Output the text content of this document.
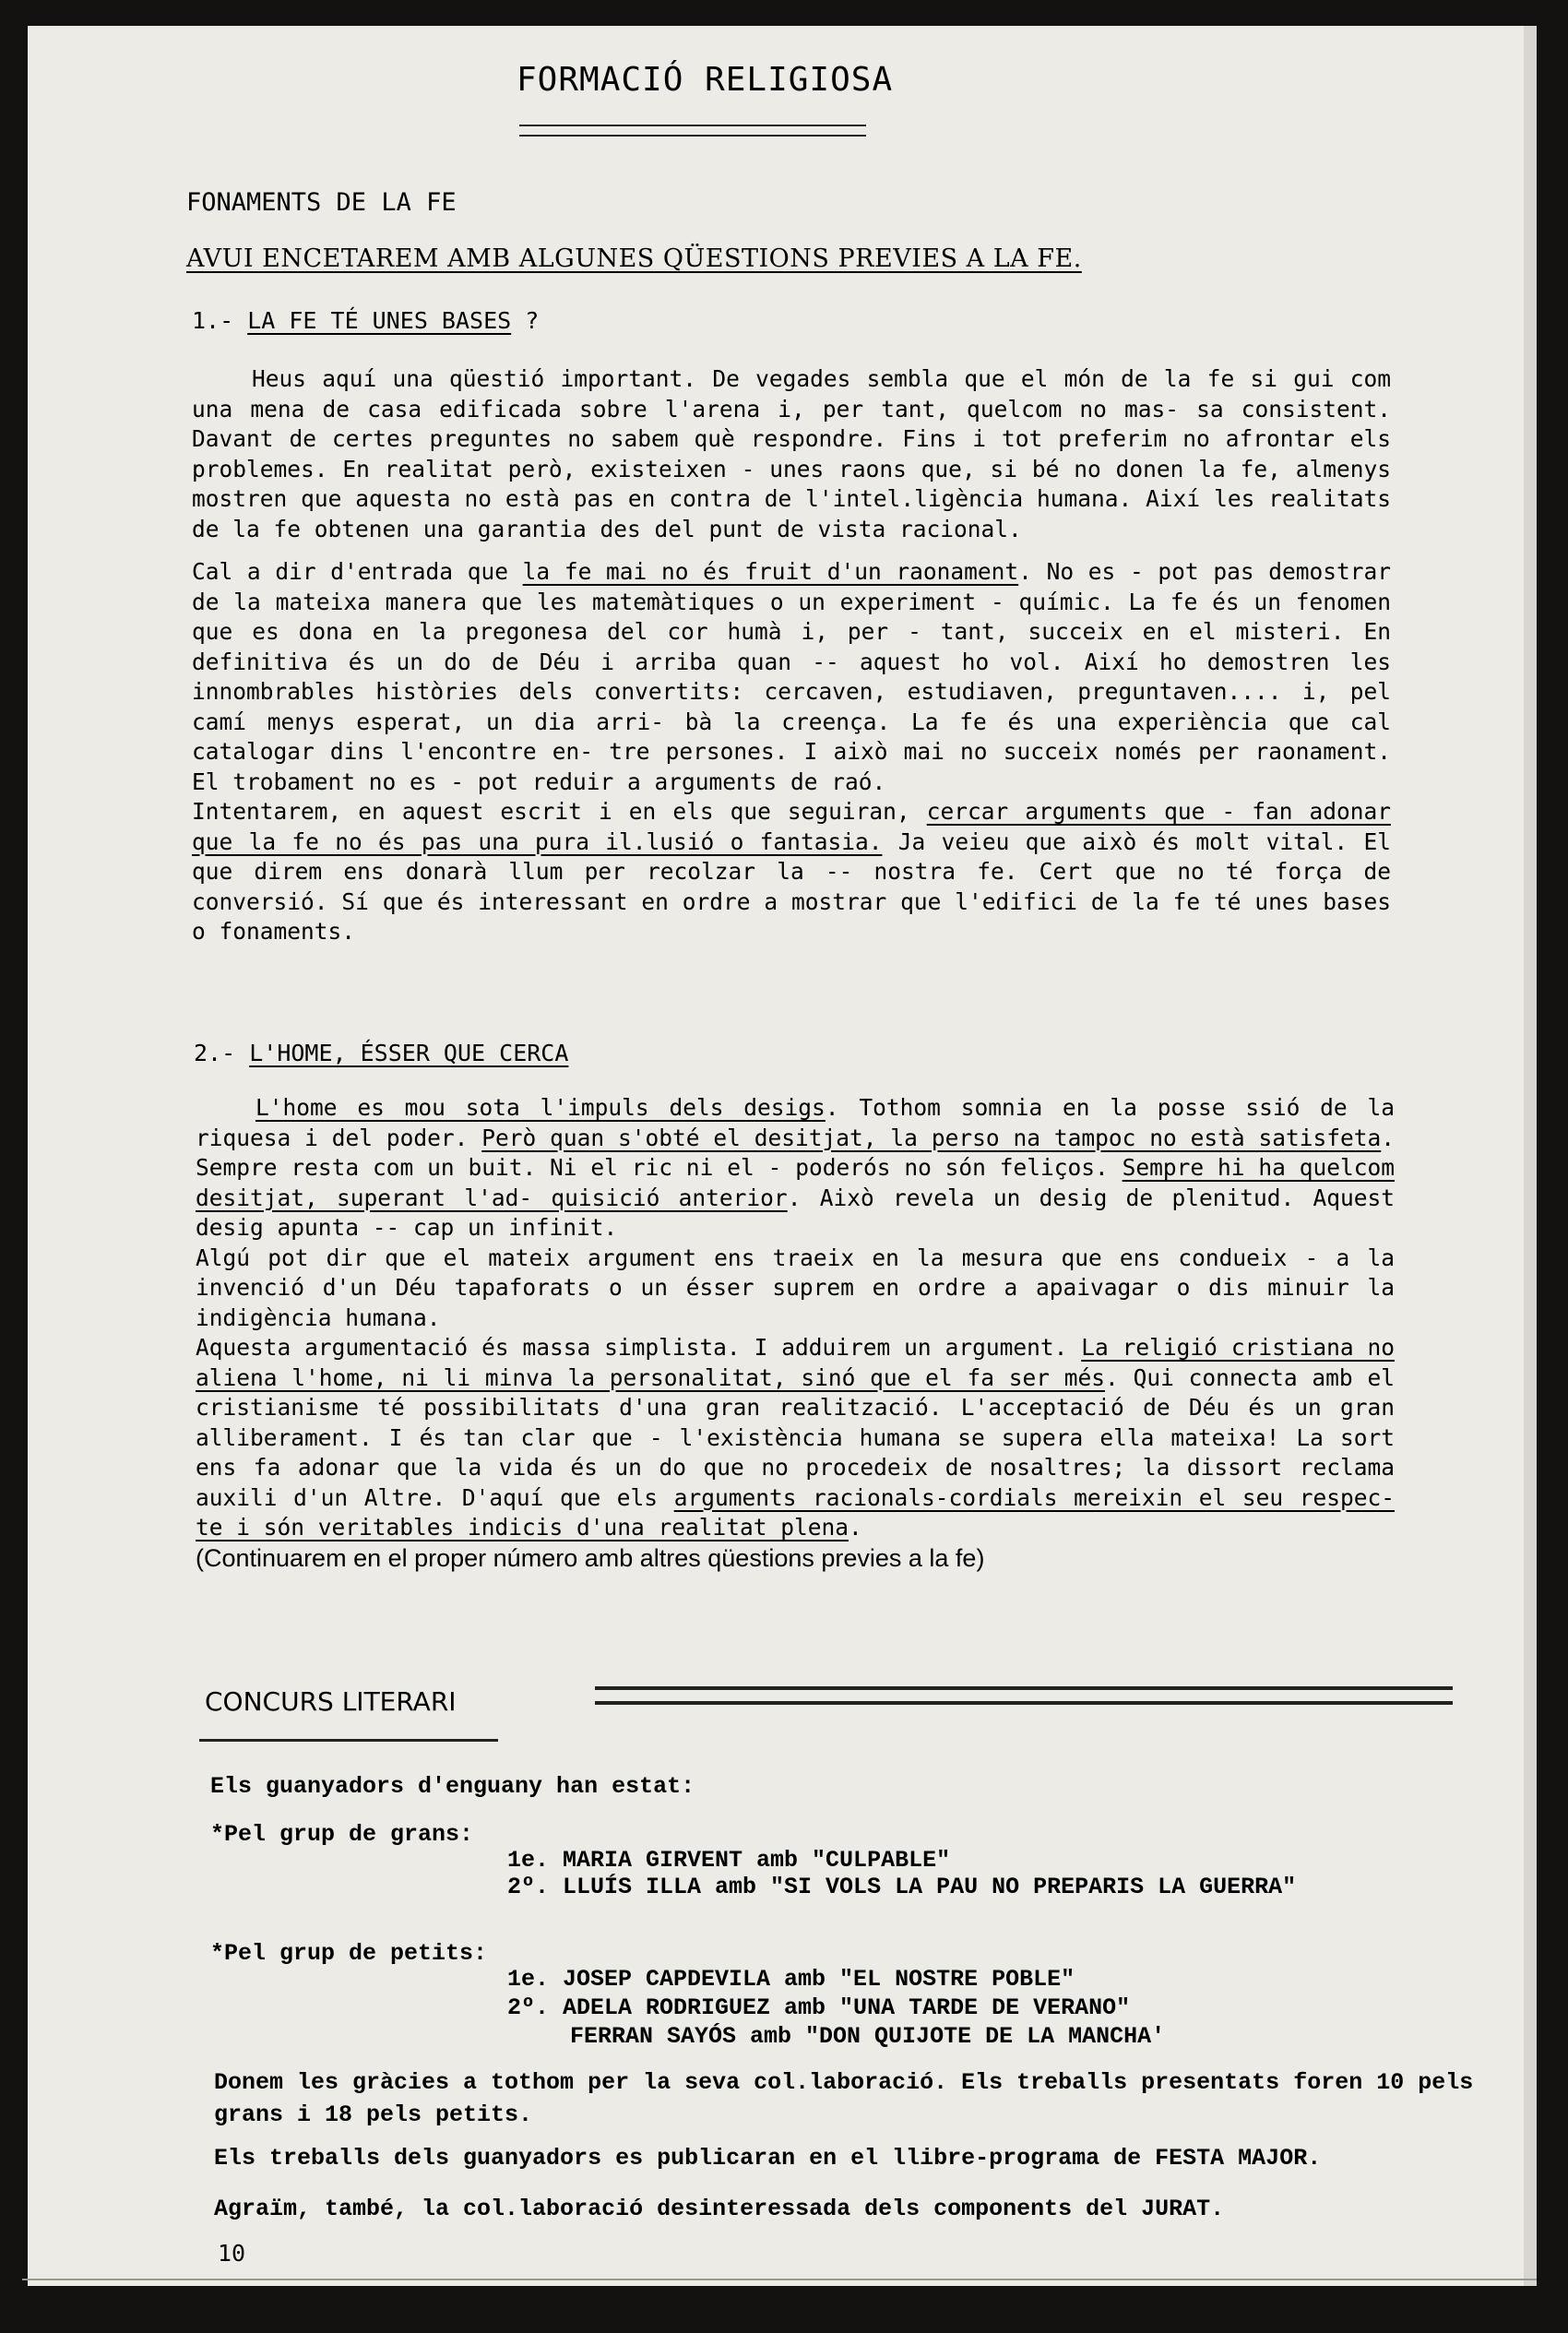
FORMACIÓ RELIGIOSA
FONAMENTS DE LA FE
AVUI ENCETAREM AMB ALGUNES QÜESTIONS PREVIES A LA FE.
1.- LA FE TÉ UNES BASES ?

Heus aquí una qüestió important. De vegades sembla que el món de la fe si gui com una mena de casa edificada sobre l'arena i, per tant, quelcom no mas- sa consistent. Davant de certes preguntes no sabem què respondre. Fins i tot preferim no afrontar els problemes. En realitat però, existeixen - unes raons que, si bé no donen la fe, almenys mostren que aquesta no està pas en contra de l'intel.ligència humana. Així les realitats de la fe obtenen una garantia des del punt de vista racional.

Cal a dir d'entrada que la fe mai no és fruit d'un raonament. No es - pot pas demostrar de la mateixa manera que les matemàtiques o un experiment - químic. La fe és un fenomen que es dona en la pregonesa del cor humà i, per - tant, succeix en el misteri. En definitiva és un do de Déu i arriba quan -- aquest ho vol. Així ho demostren les innombrables històries dels convertits: cercaven, estudiaven, preguntaven.... i, pel camí menys esperat, un dia arri- bà la creença. La fe és una experiència que cal catalogar dins l'encontre en- tre persones. I això mai no succeix només per raonament. El trobament no es - pot reduir a arguments de raó.

Intentarem, en aquest escrit i en els que seguiran, cercar arguments que - fan adonar que la fe no és pas una pura il.lusió o fantasia. Ja veieu que això és molt vital. El que direm ens donarà llum per recolzar la -- nostra fe. Cert que no té força de conversió. Sí que és interessant en ordre a mostrar que l'edifici de la fe té unes bases o fonaments.

2.- L'HOME, ÉSSER QUE CERCA

L'home es mou sota l'impuls dels desigs. Tothom somnia en la posse ssió de la riquesa i del poder. Però quan s'obté el desitjat, la perso na tampoc no està satisfeta. Sempre resta com un buit. Ni el ric ni el - poderós no són feliços. Sempre hi ha quelcom desitjat, superant l'ad- quisició anterior. Això revela un desig de plenitud. Aquest desig apunta -- cap un infinit.

Algú pot dir que el mateix argument ens traeix en la mesura que ens condueix - a la invenció d'un Déu tapaforats o un ésser suprem en ordre a apaivagar o dis minuir la indigència humana.

Aquesta argumentació és massa simplista. I adduirem un argument. La religió cristiana no aliena l'home, ni li minva la personalitat, sinó que el fa ser més. Qui connecta amb el cristianisme té possibilitats d'una gran realització. L'acceptació de Déu és un gran alliberament. I és tan clar que - l'existència humana se supera ella mateixa! La sort ens fa adonar que la vida és un do que no procedeix de nosaltres; la dissort reclama auxili d'un Altre. D'aquí que els arguments racionals-cordials mereixin el seu respec- te i són veritables indicis d'una realitat plena.

(Continuarem en el proper número amb altres qüestions previes a la fe)

CONCURS LITERARI
Els guanyadors d'enguany han estat:
*Pel grup de grans:
1e. MARIA GIRVENT amb "CULPABLE"
2º. LLUÍS ILLA amb "SI VOLS LA PAU NO PREPARIS LA GUERRA"
*Pel grup de petits:
1e. JOSEP CAPDEVILA amb "EL NOSTRE POBLE"
2º. ADELA RODRIGUEZ amb "UNA TARDE DE VERANO"
FERRAN SAYÓS amb "DON QUIJOTE DE LA MANCHA'
Donem les gràcies a tothom per la seva col.laboració. Els treballs presentats foren 10 pels grans i 18 pels petits.
Els treballs dels guanyadors es publicaran en el llibre-programa de FESTA MAJOR.
Agraïm, també, la col.laboració desinteressada dels components del JURAT.
10
